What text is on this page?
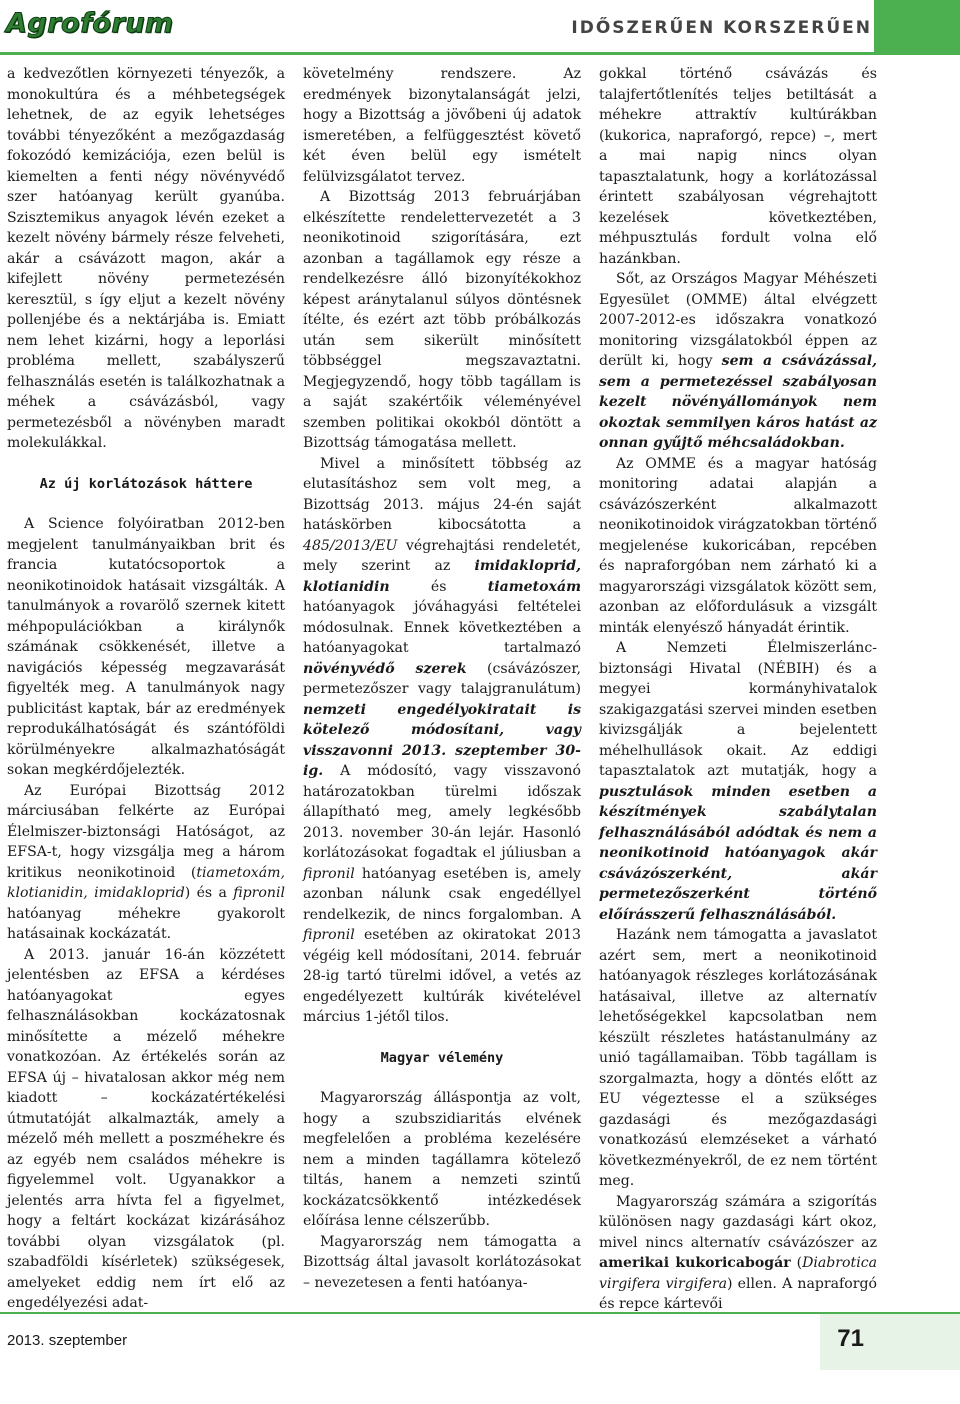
Agrofórum	IDŐSZERŰEN KORSZERŰEN

a kedvezőtlen környezeti tényezők, a monokultúra és a méhbetegségek lehetnek, de az egyik lehetséges további tényezőként a mezőgazdaság fokozódó kemizációja, ezen belül is kiemelten a fenti négy növényvédő szer hatóanyag került gyanúba. Szisztemikus anyagok lévén ezeket a kezelt növény bármely része felveheti, akár a csávázott magon, akár a kifejlett növény permetezésén keresztül, s így eljut a kezelt növény pollenjébe és a nektárjába is. Emiatt nem lehet kizárni, hogy a leporlási probléma mellett, szabályszerű felhasználás esetén is találkozhatnak a méhek a csávázásból, vagy permetezésből a növényben maradt molekulákkal.

Az új korlátozások háttere

A Science folyóiratban 2012-ben megjelent tanulmányaikban brit és francia kutatócsoportok a neonikotinoidok hatásait vizsgálták. A tanulmányok a rovarölő szernek kitett méhpopulációkban a királynők számának csökkenését, illetve a navigációs képesség megzavarását figyelték meg. A tanulmányok nagy publicitást kaptak, bár az eredmények reprodukálhatóságát és szántóföldi körülményekre alkalmazhatóságát sokan megkérdőjelezték.

Az Európai Bizottság 2012 márciusában felkérte az Európai Élelmiszer-biztonsági Hatóságot, az EFSA-t, hogy vizsgálja meg a három kritikus neonikotinoid (tiametoxám, klotianidin, imidakloprid) és a fipronil hatóanyag méhekre gyakorolt hatásainak kockázatát.

A 2013. január 16-án közzétett jelentésben az EFSA a kérdéses hatóanyagokat egyes felhasználásokban kockázatosnak minősítette a mézelő méhekre vonatkozóan. Az értékelés során az EFSA új – hivatalosan akkor még nem kiadott – kockázatértékelési útmutatóját alkalmazták, amely a mézelő méh mellett a poszméhekre és az egyéb nem családos méhekre is figyelemmel volt. Ugyanakkor a jelentés arra hívta fel a figyelmet, hogy a feltárt kockázat kizárásához további olyan vizsgálatok (pl. szabadföldi kísérletek) szükségesek, amelyeket eddig nem írt elő az engedélyezési adat-

követelmény rendszere. Az eredmények bizonytalanságát jelzi, hogy a Bizottság a jövőbeni új adatok ismeretében, a felfüggesztést követő két éven belül egy ismételt felülvizsgálatot tervez.

A Bizottság 2013 februárjában elkészítette rendelettervezetét a 3 neonikotinoid szigorítására, ezt azonban a tagállamok egy része a rendelkezésre álló bizonyítékokhoz képest aránytalanul súlyos döntésnek ítélte, és ezért azt több próbálkozás után sem sikerült minősített többséggel megszavaztatni. Megjegyzendő, hogy több tagállam is a saját szakértőik véleményével szemben politikai okokból döntött a Bizottság támogatása mellett.

Mivel a minősített többség az elutasításhoz sem volt meg, a Bizottság 2013. május 24-én saját hatáskörben kibocsátotta a 485/2013/EU végrehajtási rendeletét, mely szerint az imidakloprid, klotianidin és tiametoxám hatóanyagok jóváhagyási feltételei módosulnak. Ennek következtében a hatóanyagokat tartalmazó növényvédő szerek (csávázószer, permetezőszer vagy talajgranulátum) nemzeti engedélyokiratait is kötelező módosítani, vagy visszavonni 2013. szeptember 30-ig. A módosító, vagy visszavonó határozatokban türelmi időszak állapítható meg, amely legkésőbb 2013. november 30-án lejár. Hasonló korlátozásokat fogadtak el júliusban a fipronil hatóanyag esetében is, amely azonban nálunk csak engedéllyel rendelkezik, de nincs forgalomban. A fipronil esetében az okiratokat 2013 végéig kell módosítani, 2014. február 28-ig tartó türelmi idővel, a vetés az engedélyezett kultúrák kivételével március 1-jétől tilos.

Magyar vélemény

Magyarország álláspontja az volt, hogy a szubszidiaritás elvének megfelelően a probléma kezelésére nem a minden tagállamra kötelező tiltás, hanem a nemzeti szintű kockázatcsökkentő intézkedések előírása lenne célszerűbb.

Magyarország nem támogatta a Bizottság által javasolt korlátozásokat – nevezetesen a fenti hatóanya-

gokkal történő csávázás és talajfertőtlenítés teljes betiltását a méhekre attraktív kultúrákban (kukorica, napraforgó, repce) –, mert a mai napig nincs olyan tapasztalatunk, hogy a korlátozással érintett szabályosan végrehajtott kezelések következtében, méhpusztulás fordult volna elő hazánkban.

Sőt, az Országos Magyar Méhészeti Egyesület (OMME) által elvégzett 2007-2012-es időszakra vonatkozó monitoring vizsgálatokból éppen az derült ki, hogy sem a csávázással, sem a permetezéssel szabályosan kezelt növényállományok nem okoztak semmilyen káros hatást az onnan gyűjtő méhcsaládokban.

Az OMME és a magyar hatóság monitoring adatai alapján a csávázószerként alkalmazott neonikotinoidok virágzatokban történő megjelenése kukoricában, repcében és napraforgóban nem zárható ki a magyarországi vizsgálatok között sem, azonban az előfordulásuk a vizsgált minták elenyésző hányadát érintik.

A Nemzeti Élelmiszerlánc-biztonsági Hivatal (NÉBIH) és a megyei kormányhivatalok szakigazgatási szervei minden esetben kivizsgálják a bejelentett méhelhullások okait. Az eddigi tapasztalatok azt mutatják, hogy a pusztulások minden esetben a készítmények szabálytalan felhasználásából adódtak és nem a neonikotinoid hatóanyagok akár csávázószerként, akár permetezőszerként történő előírásszerű felhasználásából.

Hazánk nem támogatta a javaslatot azért sem, mert a neonikotinoid hatóanyagok részleges korlátozásának hatásaival, illetve az alternatív lehetőségekkel kapcsolatban nem készült részletes hatástanulmány az unió tagállamaiban. Több tagállam is szorgalmazta, hogy a döntés előtt az EU végeztesse el a szükséges gazdasági és mezőgazdasági vonatkozású elemzéseket a várható következményekről, de ez nem történt meg.

Magyarország számára a szigorítás különösen nagy gazdasági kárt okoz, mivel nincs alternatív csávázószer az amerikai kukoricabogár (Diabrotica virgifera virgifera) ellen. A napraforgó és repce kártevői

2013. szeptember	71
